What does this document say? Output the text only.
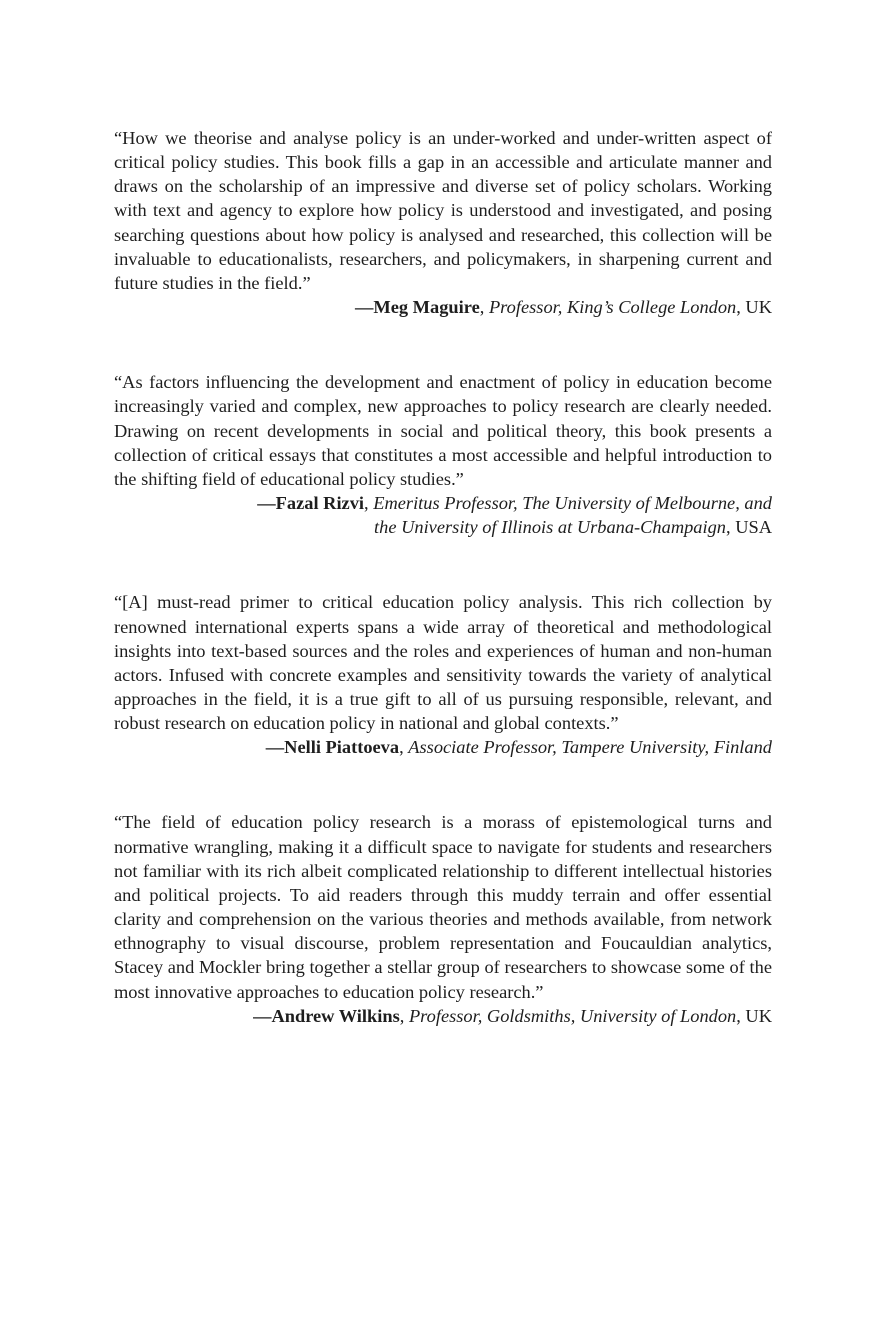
“How we theorise and analyse policy is an under-worked and under-written aspect of critical policy studies. This book fills a gap in an accessible and articulate manner and draws on the scholarship of an impressive and diverse set of policy scholars. Working with text and agency to explore how policy is understood and investigated, and posing searching questions about how policy is analysed and researched, this collection will be invaluable to educationalists, researchers, and policymakers, in sharpening current and future studies in the field.”

—Meg Maguire, Professor, King’s College London, UK

“As factors influencing the development and enactment of policy in education become increasingly varied and complex, new approaches to policy research are clearly needed. Drawing on recent developments in social and political theory, this book presents a collection of critical essays that constitutes a most accessible and helpful introduction to the shifting field of educational policy studies.”

—Fazal Rizvi, Emeritus Professor, The University of Melbourne, and
the University of Illinois at Urbana-Champaign, USA

“[A] must-read primer to critical education policy analysis. This rich collection by renowned international experts spans a wide array of theoretical and methodological insights into text-based sources and the roles and experiences of human and non-human actors. Infused with concrete examples and sensitivity towards the variety of analytical approaches in the field, it is a true gift to all of us pursuing responsible, relevant, and robust research on education policy in national and global contexts.”

—Nelli Piattoeva, Associate Professor, Tampere University, Finland

“The field of education policy research is a morass of epistemological turns and normative wrangling, making it a difficult space to navigate for students and researchers not familiar with its rich albeit complicated relationship to different intellectual histories and political projects. To aid readers through this muddy terrain and offer essential clarity and comprehension on the various theories and methods available, from network ethnography to visual discourse, problem representation and Foucauldian analytics, Stacey and Mockler bring together a stellar group of researchers to showcase some of the most innovative approaches to education policy research.”

—Andrew Wilkins, Professor, Goldsmiths, University of London, UK
